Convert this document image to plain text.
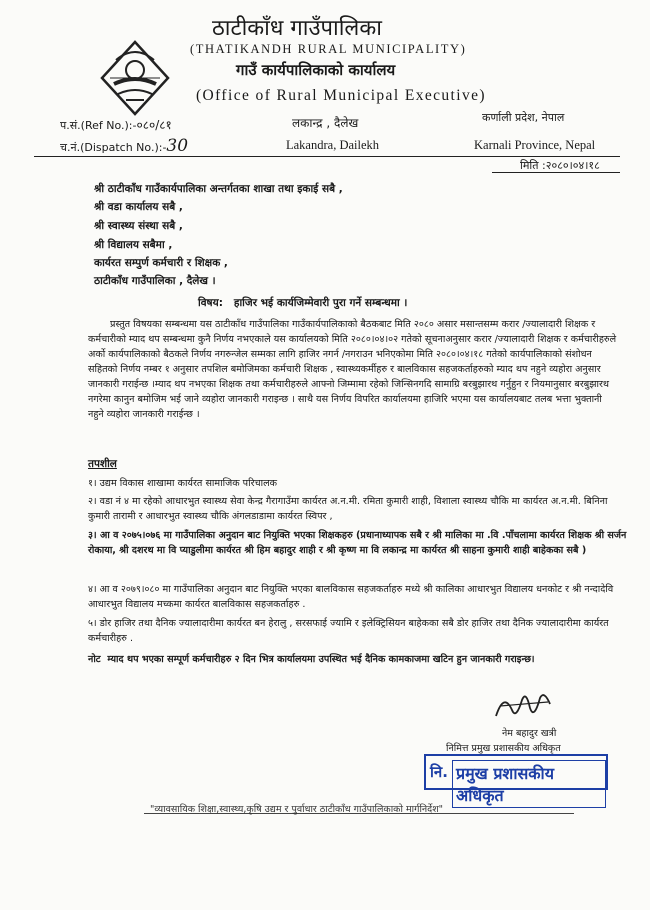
ठाटीकाँध गाउँपालिका
(THATIKANDH RURAL MUNICIPALITY)
गाउँ कार्यपालिकाको कार्यालय
(Office of Rural Municipal Executive)
प.सं.(Ref No.):-०८०/८१	लकान्द्र , दैलेख	कर्णाली प्रदेश, नेपाल
च.नं.(Dispatch No.):-30	Lakandra, Dailekh	Karnali Province, Nepal
मिति :२०८०।०४।१८
श्री ठाटीकाँध गाउँकार्यपालिका अन्तर्गतका शाखा तथा इकाई सबै ,
श्री वडा कार्यालय सबै ,
श्री स्वास्थ्य संस्था सबै ,
श्री विद्यालय सबैमा ,
कार्यरत सम्पुर्ण कर्मचारी र शिक्षक ,
ठाटीकाँध गाउँपालिका , दैलेख ।
विषय: हाजिर भई कार्यजिम्मेवारी पुरा गर्ने सम्बन्धमा ।
प्रस्तुत विषयका सम्बन्धमा यस ठाटीकाँध गाउँपालिका गाउँकार्यपालिकाको बैठकबाट मिति २०८० असार मसान्तसम्म करार /ज्यालादारी शिक्षक र कर्मचारीको म्याद थप सम्बन्धमा कुनै निर्णय नभएकाले यस कार्यालयको मिति २०८०।०४।०२ गतेको सूचनाअनुसार करार /ज्यालादारी शिक्षक र कर्मचारीहरुले अर्को कार्यपालिकाको बैठकले निर्णय नगरुन्जेल सम्मका लागि हाजिर नगर्न /नगराउन भनिएकोमा मिति २०८०।०४।१८ गतेको कार्यपालिकाको संशोधन सहितको निर्णय नम्बर १ अनुसार तपशिल बमोजिमका कर्मचारी शिक्षक , स्वास्थ्यकर्मीहरु र बालविकास सहजकर्ताहरुको म्याद थप नहुने व्यहोरा अनुसार जानकारी गराईन्छ ।म्याद थप नभएका शिक्षक तथा कर्मचारीहरुले आफ्नो जिम्मामा रहेको जिन्सिनगदि सामाग्रि बरबुझारथ गर्नुहुन र नियमानुसार बरबुझारथ नगरेमा कानुन बमोजिम भई जाने व्यहोरा जानकारी गराइन्छ । साथै यस निर्णय विपरित कार्यालयमा हाजिरि भएमा यस कार्यालयबाट तलब भत्ता भुक्तानी नहुने व्यहोरा जानकारी गराईन्छ ।
तपशील
१। उद्यम विकास शाखामा कार्यरत सामाजिक परिचालक
२। वडा नं ४ मा रहेको आधारभुत स्वास्थ्य सेवा केन्द्र गैरागाउँमा कार्यरत अ.न.मी. रमिता कुमारी शाही, विशाला स्वास्थ्य चौकि मा कार्यरत अ.न.मी. बिनिना कुमारी तारामी र आधारभुत स्वास्थ्य चौकि अंगलडाडामा कार्यरत स्विपर ,
३। आ व २०७५।०७६ मा गाउँपालिका अनुदान बाट नियुक्ति भएका शिक्षकहरु (प्रधानाध्यापक सबै र श्री मालिका मा .वि .पाँचलामा कार्यरत शिक्षक श्री सर्जन रोकाया, श्री दशरथ मा वि प्याडुलीमा कार्यरत श्री हिम बहादुर शाही र श्री कृष्ण मा वि लकान्द्र मा कार्यरत श्री साहना कुमारी शाही बाहेकका सबै )
४। आ व २०७९।०८० मा गाउँपालिका अनुदान बाट नियुक्ति भएका बालविकास सहजकर्ताहरु मध्ये श्री कालिका आधारभुत विद्यालय धनकोट र श्री नन्दादेवि आधारभुत विद्यालय मच्कमा कार्यरत बालविकास सहजकर्ताहरु .
५। डोर हाजिर तथा दैनिक ज्यालादारीमा कार्यरत बन हेरालु , सरसफाई ज्यामि र इलेक्ट्रिसियन बाहेकका सबै डोर हाजिर तथा दैनिक ज्यालादारीमा कार्यरत कर्मचारीहरु .
नोट म्याद थप भएका सम्पूर्ण कर्मचारीहरु २ दिन भित्र कार्यालयमा उपस्थित भई दैनिक कामकाजमा खटिन हुन जानकारी गराइन्छ।
नेम बहादुर खत्री
निमित्त प्रमुख प्रशासकीय अधिकृत
नि. प्रमुख प्रशासकीय अधिकृत
"व्यावसायिक शिक्षा,स्वास्थ्य,कृषि उद्यम र पुर्वाधार ठाटीकाँध गाउँपालिकाको मार्गनिर्देश"
